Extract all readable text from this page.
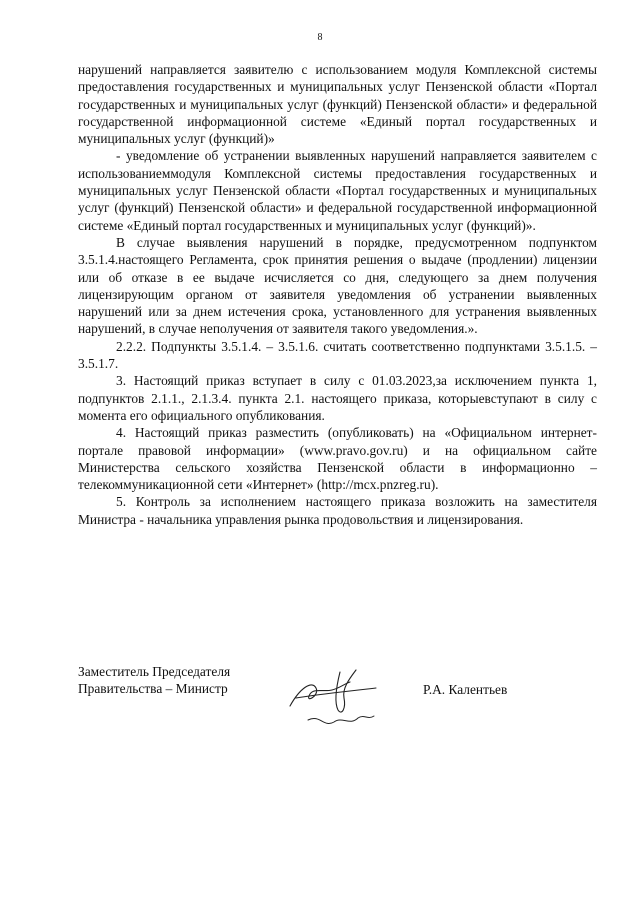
8

нарушений направляется заявителю с использованием модуля Комплексной системы предоставления государственных и муниципальных услуг Пензенской области «Портал государственных и муниципальных услуг (функций) Пензенской области» и федеральной государственной информационной системе «Единый портал государственных и муниципальных услуг (функций)»

- уведомление об устранении выявленных нарушений направляется заявителем с использованиеммодуля Комплексной системы предоставления государственных и муниципальных услуг Пензенской области «Портал государственных и муниципальных услуг (функций) Пензенской области» и федеральной государственной информационной системе «Единый портал государственных и муниципальных услуг (функций)».

В случае выявления нарушений в порядке, предусмотренном подпунктом 3.5.1.4.настоящего Регламента, срок принятия решения о выдаче (продлении) лицензии или об отказе в ее выдаче исчисляется со дня, следующего за днем получения лицензирующим органом от заявителя уведомления об устранении выявленных нарушений или за днем истечения срока, установленного для устранения выявленных нарушений, в случае неполучения от заявителя такого уведомления.».

2.2.2. Подпункты 3.5.1.4. – 3.5.1.6. считать соответственно подпунктами 3.5.1.5. – 3.5.1.7.

3. Настоящий приказ вступает в силу с 01.03.2023,за исключением пункта 1, подпунктов 2.1.1., 2.1.3.4. пункта 2.1. настоящего приказа, которыевступают в силу с момента его официального опубликования.

4. Настоящий приказ разместить (опубликовать) на «Официальном интернет-портале правовой информации» (www.pravo.gov.ru) и на официальном сайте Министерства сельского хозяйства Пензенской области в информационно – телекоммуникационной сети «Интернет» (http://mcx.pnzreg.ru).

5. Контроль за исполнением настоящего приказа возложить на заместителя Министра - начальника управления рынка продовольствия и лицензирования.

Заместитель Председателя
Правительства – Министр	Р.А. Калентьев
